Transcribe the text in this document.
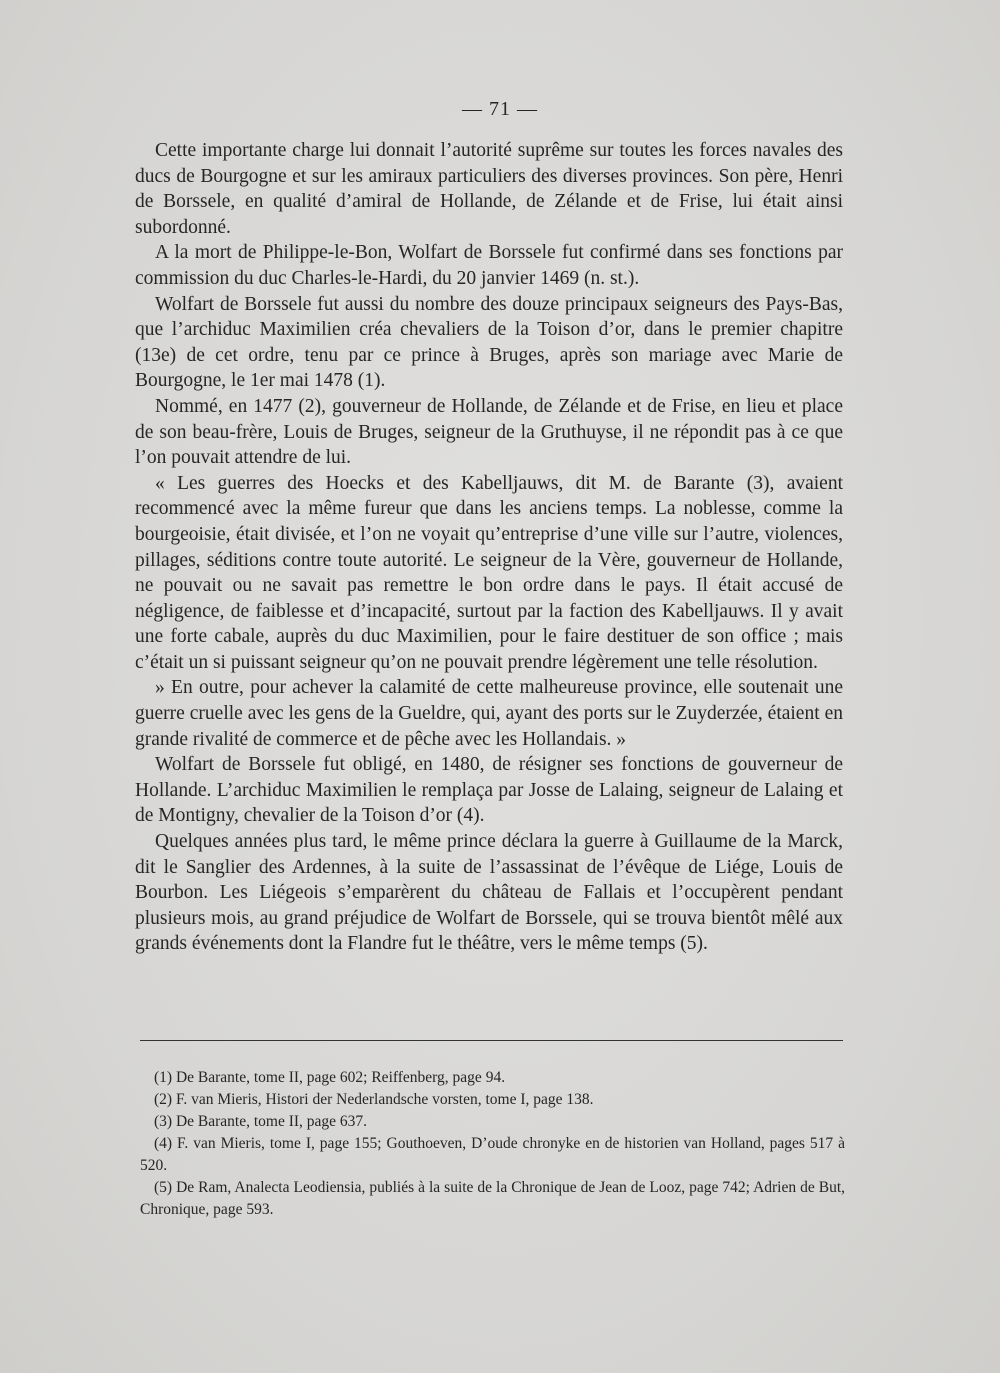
— 71 —

Cette importante charge lui donnait l’autorité suprême sur toutes les forces navales des ducs de Bourgogne et sur les amiraux particuliers des diverses provinces. Son père, Henri de Borssele, en qualité d’amiral de Hollande, de Zélande et de Frise, lui était ainsi subordonné.

A la mort de Philippe-le-Bon, Wolfart de Borssele fut confirmé dans ses fonctions par commission du duc Charles-le-Hardi, du 20 janvier 1469 (n. st.).

Wolfart de Borssele fut aussi du nombre des douze principaux seigneurs des Pays-Bas, que l’archiduc Maximilien créa chevaliers de la Toison d’or, dans le premier chapitre (13e) de cet ordre, tenu par ce prince à Bruges, après son mariage avec Marie de Bourgogne, le 1er mai 1478 (1).

Nommé, en 1477 (2), gouverneur de Hollande, de Zélande et de Frise, en lieu et place de son beau-frère, Louis de Bruges, seigneur de la Gruthuyse, il ne répondit pas à ce que l’on pouvait attendre de lui.

« Les guerres des Hoecks et des Kabelljauws, dit M. de Barante (3), avaient recommencé avec la même fureur que dans les anciens temps. La noblesse, comme la bourgeoisie, était divisée, et l’on ne voyait qu’entreprise d’une ville sur l’autre, violences, pillages, séditions contre toute autorité. Le seigneur de la Vère, gouverneur de Hollande, ne pouvait ou ne savait pas remettre le bon ordre dans le pays. Il était accusé de négligence, de faiblesse et d’incapacité, surtout par la faction des Kabelljauws. Il y avait une forte cabale, auprès du duc Maximilien, pour le faire destituer de son office ; mais c’était un si puissant seigneur qu’on ne pouvait prendre légèrement une telle résolution.

» En outre, pour achever la calamité de cette malheureuse province, elle soutenait une guerre cruelle avec les gens de la Gueldre, qui, ayant des ports sur le Zuyderzée, étaient en grande rivalité de commerce et de pêche avec les Hollandais. »

Wolfart de Borssele fut obligé, en 1480, de résigner ses fonctions de gouverneur de Hollande. L’archiduc Maximilien le remplaça par Josse de Lalaing, seigneur de Lalaing et de Montigny, chevalier de la Toison d’or (4).

Quelques années plus tard, le même prince déclara la guerre à Guillaume de la Marck, dit le Sanglier des Ardennes, à la suite de l’assassinat de l’évêque de Liége, Louis de Bourbon. Les Liégeois s’emparèrent du château de Fallais et l’occupèrent pendant plusieurs mois, au grand préjudice de Wolfart de Borssele, qui se trouva bientôt mêlé aux grands événements dont la Flandre fut le théâtre, vers le même temps (5).

(1) De Barante, tome II, page 602; Reiffenberg, page 94.

(2) F. van Mieris, Histori der Nederlandsche vorsten, tome I, page 138.

(3) De Barante, tome II, page 637.

(4) F. van Mieris, tome I, page 155; Gouthoeven, D’oude chronyke en de historien van Holland, pages 517 à 520.

(5) De Ram, Analecta Leodiensia, publiés à la suite de la Chronique de Jean de Looz, page 742; Adrien de But, Chronique, page 593.
